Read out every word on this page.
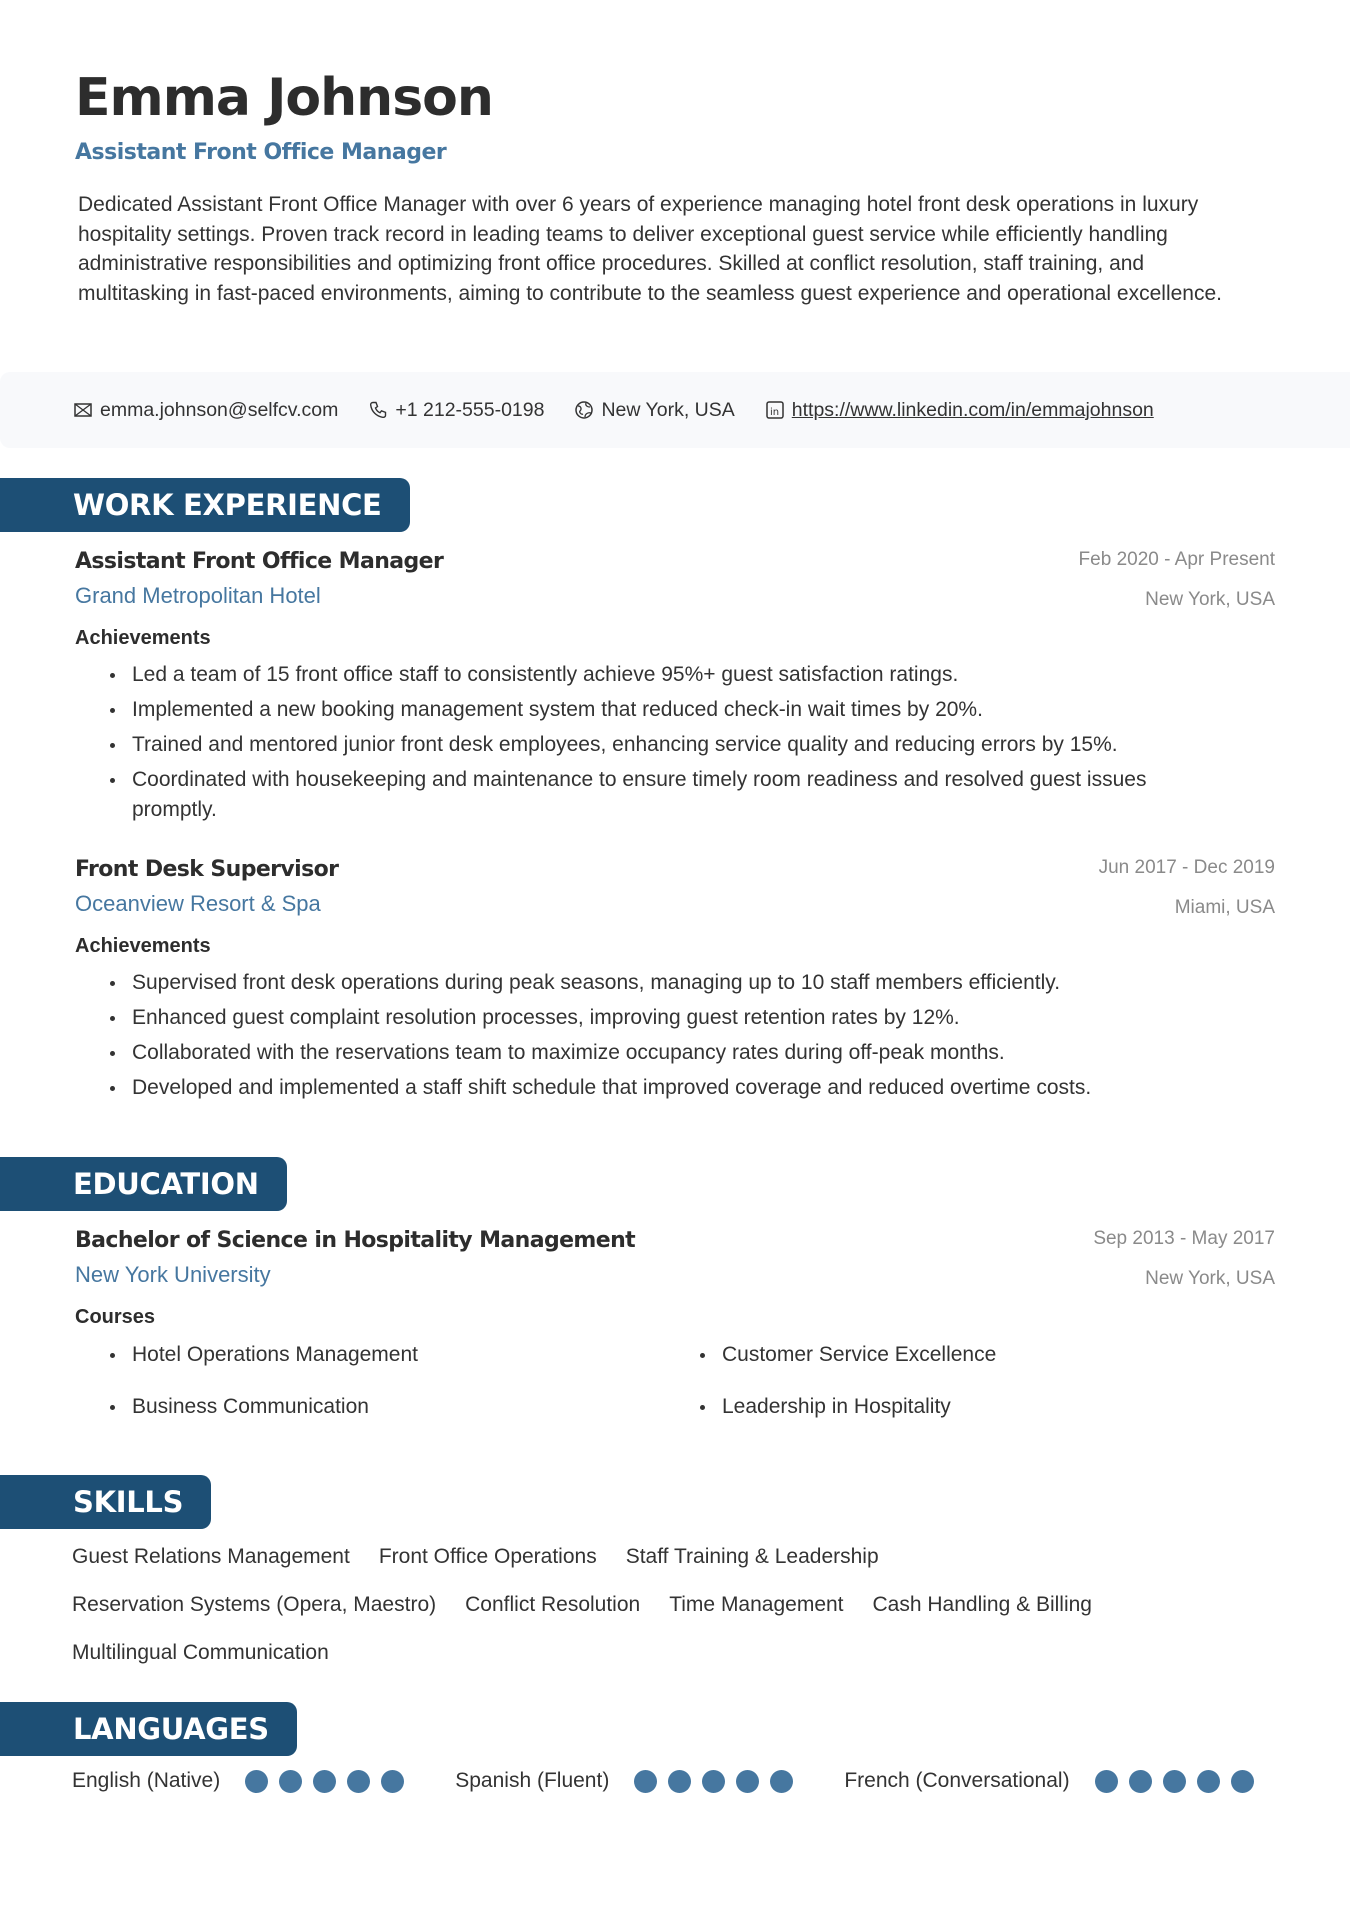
Emma Johnson
Assistant Front Office Manager

Dedicated Assistant Front Office Manager with over 6 years of experience managing hotel front desk operations in luxury hospitality settings. Proven track record in leading teams to deliver exceptional guest service while efficiently handling administrative responsibilities and optimizing front office procedures. Skilled at conflict resolution, staff training, and multitasking in fast-paced environments, aiming to contribute to the seamless guest experience and operational excellence.

emma.johnson@selfcv.com	+1 212-555-0198	New York, USA	in https://www.linkedin.com/in/emmajohnson
WORK EXPERIENCE
Assistant Front Office Manager
Grand Metropolitan Hotel
Feb 2020 - Apr Present
New York, USA
Achievements
Led a team of 15 front office staff to consistently achieve 95%+ guest satisfaction ratings.
Implemented a new booking management system that reduced check-in wait times by 20%.
Trained and mentored junior front desk employees, enhancing service quality and reducing errors by 15%.
Coordinated with housekeeping and maintenance to ensure timely room readiness and resolved guest issues promptly.
Front Desk Supervisor
Oceanview Resort & Spa
Jun 2017 - Dec 2019
Miami, USA
Achievements
Supervised front desk operations during peak seasons, managing up to 10 staff members efficiently.
Enhanced guest complaint resolution processes, improving guest retention rates by 12%.
Collaborated with the reservations team to maximize occupancy rates during off-peak months.
Developed and implemented a staff shift schedule that improved coverage and reduced overtime costs.
EDUCATION
Bachelor of Science in Hospitality Management
New York University
Sep 2013 - May 2017
New York, USA
Courses
Hotel Operations Management	Customer Service Excellence
Business Communication	Leadership in Hospitality
SKILLS
Guest Relations Management Front Office Operations Staff Training & Leadership
Reservation Systems (Opera, Maestro) Conflict Resolution Time Management Cash Handling & Billing
Multilingual Communication
LANGUAGES
English (Native)	Spanish (Fluent)	French (Conversational)
